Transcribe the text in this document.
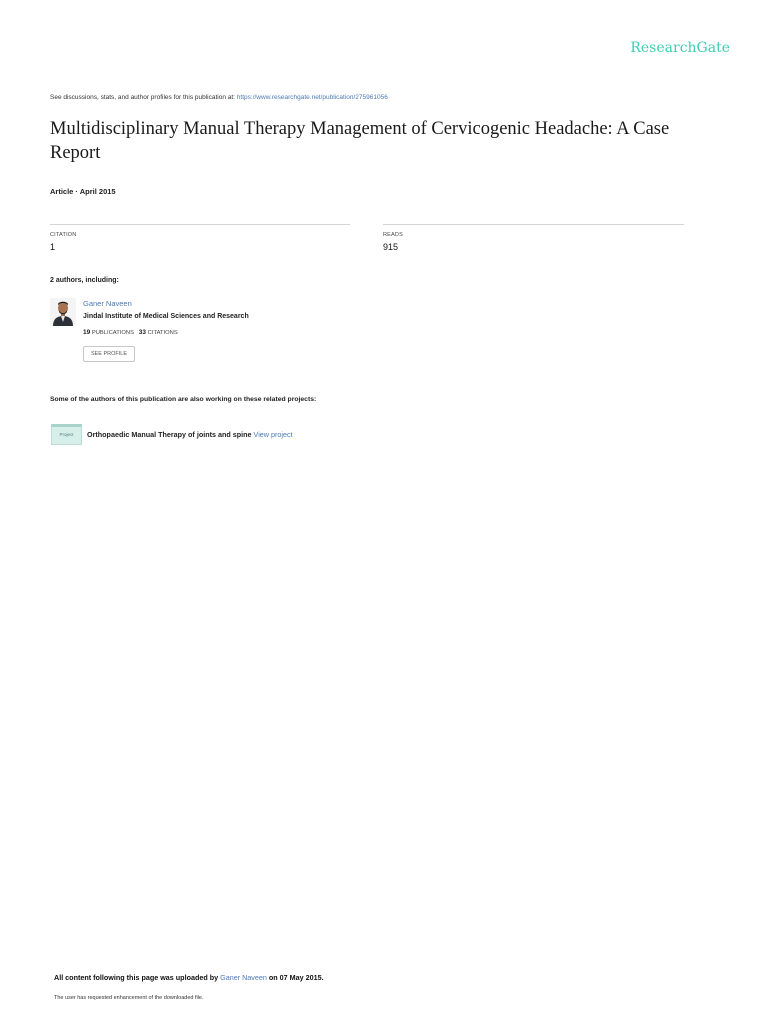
ResearchGate
See discussions, stats, and author profiles for this publication at: https://www.researchgate.net/publication/275961056
Multidisciplinary Manual Therapy Management of Cervicogenic Headache: A Case Report
Article · April 2015
CITATION
1
READS
915
2 authors, including:
Ganer Naveen
Jindal Institute of Medical Sciences and Research
19 PUBLICATIONS 33 CITATIONS
SEE PROFILE
Some of the authors of this publication are also working on these related projects:
Project	Orthopaedic Manual Therapy of joints and spine View project
All content following this page was uploaded by Ganer Naveen on 07 May 2015.
The user has requested enhancement of the downloaded file.
